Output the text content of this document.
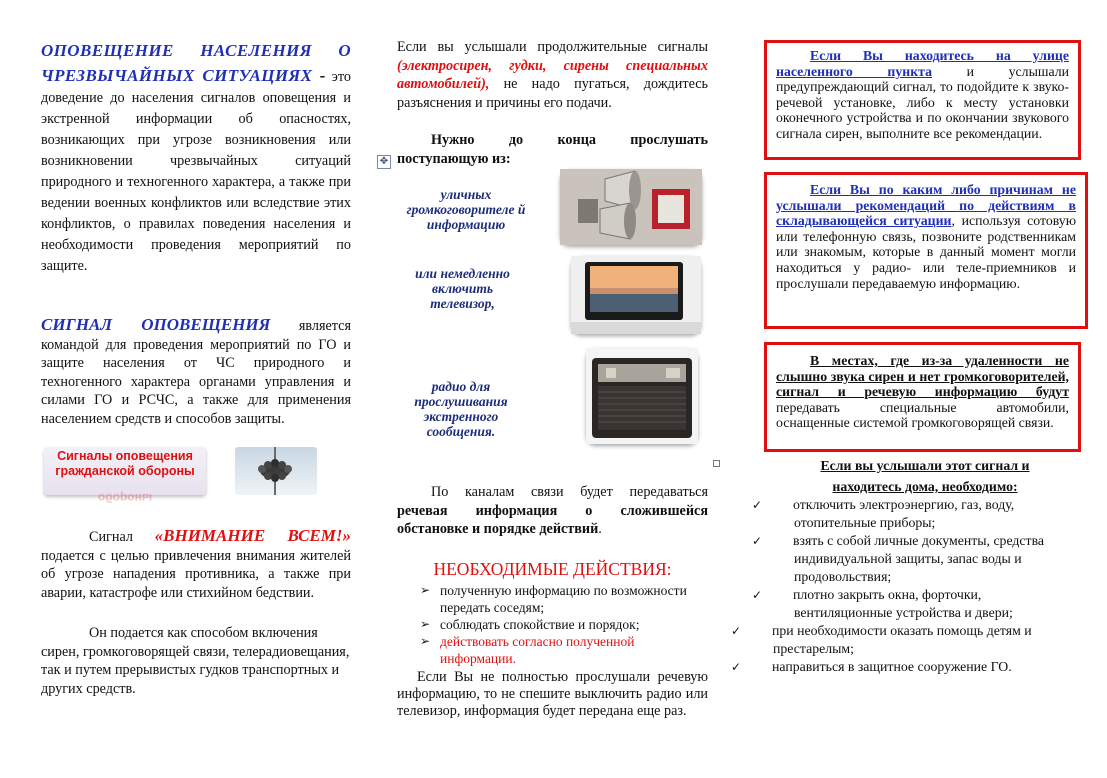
ОПОВЕЩЕНИЕ НАСЕЛЕНИЯ О ЧРЕЗВЫЧАЙНЫХ СИТУАЦИЯХ - это доведение до населения сигналов оповещения и экстренной информации об опасностях, возникающих при угрозе возникновения или возникновении чрезвычайных ситуаций природного и техногенного характера, а также при ведении военных конфликтов или вследствие этих конфликтов, о правилах поведения населения и необходимости проведения мероприятий по защите.

СИГНАЛ ОПОВЕЩЕНИЯ является командой для проведения мероприятий по ГО и защите населения от ЧС природного и техногенного характера органами управления и силами ГО и РСЧС, а также для применения населением средств и способов защиты.

Сигналы оповещения гражданской обороны
обороны

Сигнал «ВНИМАНИЕ ВСЕМ!» подается с целью привлечения внимания жителей об угрозе нападения противника, а также при аварии, катастрофе или стихийном бедствии.

Он подается как способом включения сирен, громкоговорящей связи, телерадиовещания, так и путем прерывистых гудков транспортных и других средств.

Если вы услышали продолжительные сигналы (электросирен, гудки, сирены специальных автомобилей), не надо пугаться, дождитесь разъяснения и причины его подачи.

✥

Нужно до конца прослушать поступающую из:

уличных громкоговорителе й информацию
или немедленно включить телевизор,
радио для прослушивания экстренного сообщения.

По каналам связи будет передаваться речевая информация о сложившейся обстановке и порядке действий.

НЕОБХОДИМЫЕ ДЕЙСТВИЯ:
➢ полученную информацию по возможности передать соседям;
➢ соблюдать спокойствие и порядок;
➢ действовать согласно полученной информации.

Если Вы не полностью прослушали речевую информацию, то не спешите выключить радио или телевизор, информация будет передана еще раз.

Если Вы находитесь на улице населенного пункта и услышали предупреждающий сигнал, то подойдите к звуко-речевой установке, либо к месту установки оконечного устройства и по окончании звукового сигнала сирен, выполните все рекомендации.
Если Вы по каким либо причинам не услышали рекомендаций по действиям в складывающейся ситуации, используя сотовую или телефонную связь, позвоните родственникам или знакомым, которые в данный момент могли находиться у радио- или теле-приемников и прослушали передаваемую информацию.
В местах, где из-за удаленности не слышно звука сирен и нет громкоговорителей, сигнал и речевую информацию будут передавать специальные автомобили, оснащенные системой громкоговорящей связи.
Если вы услышали этот сигнал и находитесь дома, необходимо:
✓ отключить электроэнергию, газ, воду, отопительные приборы;
✓ взять с собой личные документы, средства индивидуальной защиты, запас воды и продовольствия;
✓ плотно закрыть окна, форточки, вентиляционные устройства и двери;
✓ при необходимости оказать помощь детям и престарелым;
✓ направиться в защитное сооружение ГО.
